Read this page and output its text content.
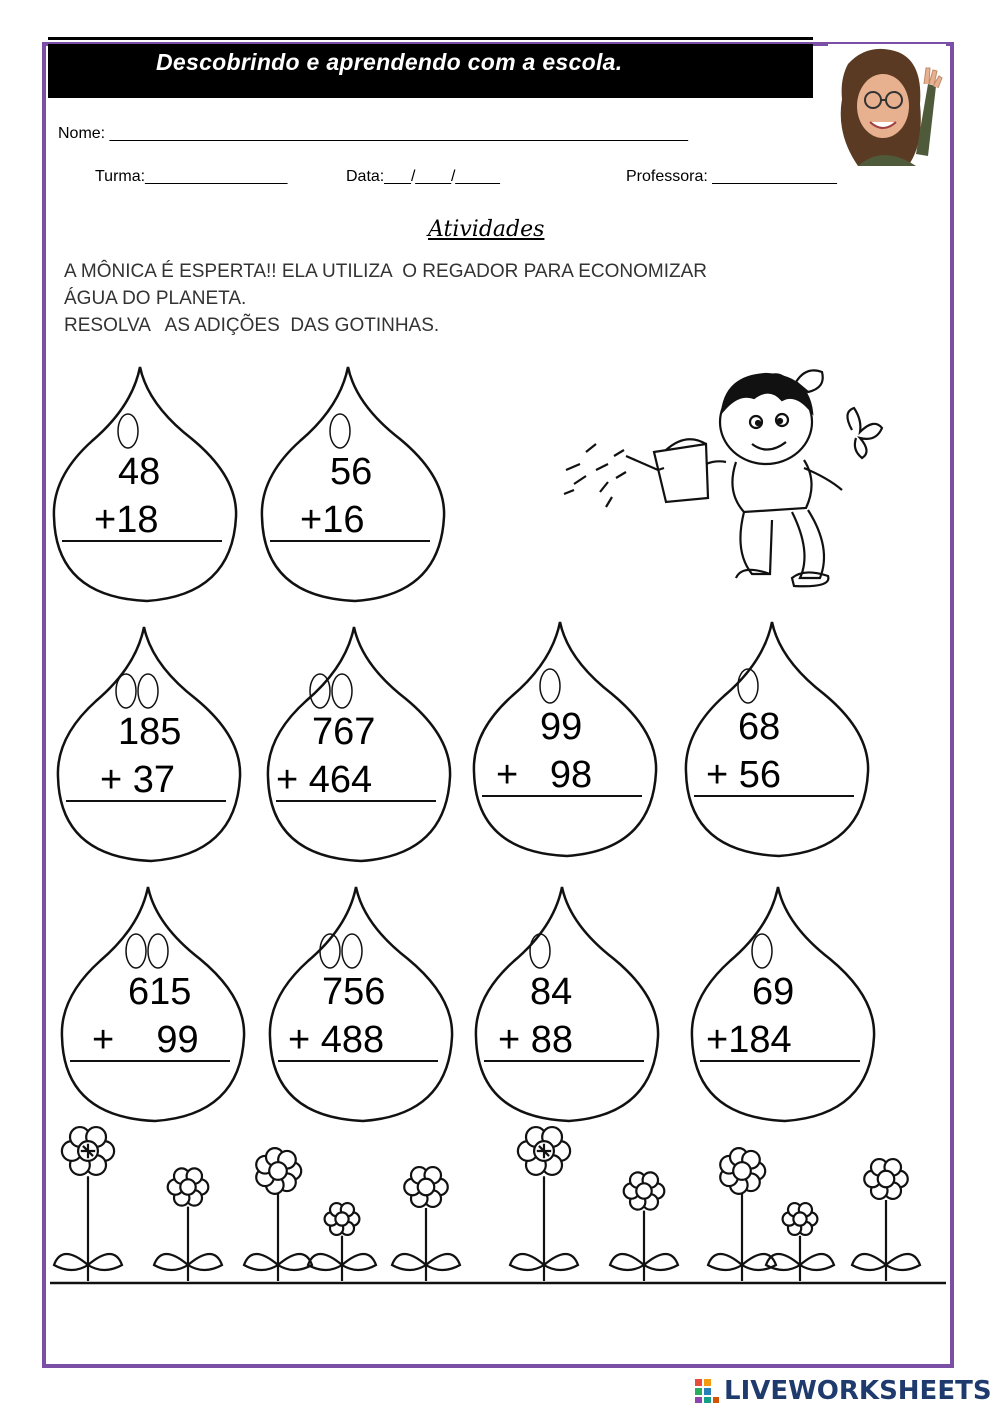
Descobrindo e aprendendo com a escola.
Nome: _________________________________________________________________
Turma:________________	Data:___/____/_____	Professora: ______________
Atividades
A MÔNICA É ESPERTA!! ELA UTILIZA  O REGADOR PARA ECONOMIZAR
ÁGUA DO PLANETA.
RESOLVA   AS ADIÇÕES  DAS GOTINHAS.
48
+18
56
+16
185
+ 37
767
+ 464
99
+   98
68
+ 56
615
+    99
756
+ 488
84
+ 88
69
+184
LIVEWORKSHEETS
